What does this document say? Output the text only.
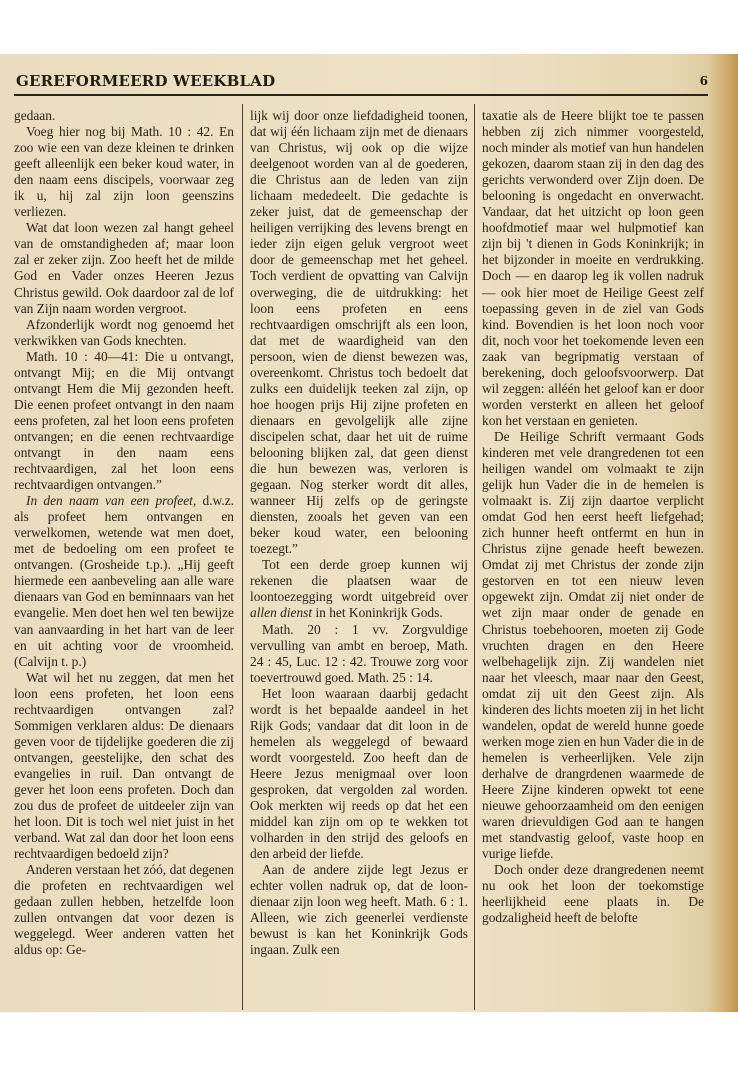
GEREFORMEERD WEEKBLAD	6

gedaan.

Voeg hier nog bij Math. 10 : 42. En zoo wie een van deze kleinen te drinken geeft alleenlijk een beker koud water, in den naam eens discipels, voorwaar zeg ik u, hij zal zijn loon geenszins verliezen.

Wat dat loon wezen zal hangt geheel van de omstandigheden af; maar loon zal er zeker zijn. Zoo heeft het de milde God en Vader onzes Heeren Jezus Christus gewild. Ook daardoor zal de lof van Zijn naam worden vergroot.

Afzonderlijk wordt nog genoemd het verkwikken van Gods knechten.

Math. 10 : 40—41: Die u ontvangt, ontvangt Mij; en die Mij ontvangt ontvangt Hem die Mij gezonden heeft. Die eenen profeet ontvangt in den naam eens profeten, zal het loon eens profeten ontvangen; en die eenen rechtvaardige ontvangt in den naam eens rechtvaardigen, zal het loon eens rechtvaardigen ontvangen.”

In den naam van een profeet, d.w.z. als profeet hem ontvangen en verwelkomen, wetende wat men doet, met de bedoeling om een profeet te ontvangen. (Grosheide t.p.). „Hij geeft hiermede een aanbeveling aan alle ware dienaars van God en beminnaars van het evangelie. Men doet hen wel ten bewijze van aanvaarding in het hart van de leer en uit achting voor de vroomheid. (Calvijn t. p.)

Wat wil het nu zeggen, dat men het loon eens profeten, het loon eens rechtvaardigen ontvangen zal? Sommigen verklaren aldus: De dienaars geven voor de tijdelijke goederen die zij ontvangen, geestelijke, den schat des evangelies in ruil. Dan ontvangt de gever het loon eens profeten. Doch dan zou dus de profeet de uitdeeler zijn van het loon. Dit is toch wel niet juist in het verband. Wat zal dan door het loon eens rechtvaardigen bedoeld zijn?

Anderen verstaan het zóó, dat degenen die profeten en rechtvaardigen wel gedaan zullen hebben, hetzelfde loon zullen ontvangen dat voor dezen is weggelegd. Weer anderen vatten het aldus op: Ge-

lijk wij door onze liefdadigheid toonen, dat wij één lichaam zijn met de dienaars van Christus, wij ook op die wijze deelgenoot worden van al de goederen, die Christus aan de leden van zijn lichaam mededeelt. Die gedachte is zeker juist, dat de gemeenschap der heiligen verrijking des levens brengt en ieder zijn eigen geluk vergroot weet door de gemeenschap met het geheel. Toch verdient de opvatting van Calvijn overweging, die de uitdrukking: het loon eens profeten en eens rechtvaardigen omschrijft als een loon, dat met de waardigheid van den persoon, wien de dienst bewezen was, overeenkomt. Christus toch bedoelt dat zulks een duidelijk teeken zal zijn, op hoe hoogen prijs Hij zijne profeten en dienaars en gevolgelijk alle zijne discipelen schat, daar het uit de ruime belooning blijken zal, dat geen dienst die hun bewezen was, verloren is gegaan. Nog sterker wordt dit alles, wanneer Hij zelfs op de geringste diensten, zooals het geven van een beker koud water, een belooning toezegt.”

Tot een derde groep kunnen wij rekenen die plaatsen waar de loontoezegging wordt uitgebreid over allen dienst in het Koninkrijk Gods.

Math. 20 : 1 vv. Zorgvuldige vervulling van ambt en beroep, Math. 24 : 45, Luc. 12 : 42. Trouwe zorg voor toevertrouwd goed. Math. 25 : 14.

Het loon waaraan daarbij gedacht wordt is het bepaalde aandeel in het Rijk Gods; vandaar dat dit loon in de hemelen als weggelegd of bewaard wordt voorgesteld. Zoo heeft dan de Heere Jezus menigmaal over loon gesproken, dat vergolden zal worden. Ook merkten wij reeds op dat het een middel kan zijn om op te wekken tot volharden in den strijd des geloofs en den arbeid der liefde.

Aan de andere zijde legt Jezus er echter vollen nadruk op, dat de loon-dienaar zijn loon weg heeft. Math. 6 : 1. Alleen, wie zich geenerlei verdienste bewust is kan het Koninkrijk Gods ingaan. Zulk een

taxatie als de Heere blijkt toe te passen hebben zij zich nimmer voorgesteld, noch minder als motief van hun handelen gekozen, daarom staan zij in den dag des gerichts verwonderd over Zijn doen. De belooning is ongedacht en onverwacht. Vandaar, dat het uitzicht op loon geen hoofdmotief maar wel hulpmotief kan zijn bij 't dienen in Gods Koninkrijk; in het bijzonder in moeite en verdrukking. Doch — en daarop leg ik vollen nadruk — ook hier moet de Heilige Geest zelf toepassing geven in de ziel van Gods kind. Bovendien is het loon noch voor dit, noch voor het toekomende leven een zaak van begripmatig verstaan of berekening, doch geloofsvoorwerp. Dat wil zeggen: alléén het geloof kan er door worden versterkt en alleen het geloof kon het verstaan en genieten.

De Heilige Schrift vermaant Gods kinderen met vele drangredenen tot een heiligen wandel om volmaakt te zijn gelijk hun Vader die in de hemelen is volmaakt is. Zij zijn daartoe verplicht omdat God hen eerst heeft liefgehad; zich hunner heeft ontfermt en hun in Christus zijne genade heeft bewezen. Omdat zij met Christus der zonde zijn gestorven en tot een nieuw leven opgewekt zijn. Omdat zij niet onder de wet zijn maar onder de genade en Christus toebehooren, moeten zij Gode vruchten dragen en den Heere welbehagelijk zijn. Zij wandelen niet naar het vleesch, maar naar den Geest, omdat zij uit den Geest zijn. Als kinderen des lichts moeten zij in het licht wandelen, opdat de wereld hunne goede werken moge zien en hun Vader die in de hemelen is verheerlijken. Vele zijn derhalve de drangrdenen waarmede de Heere Zijne kinderen opwekt tot eene nieuwe gehoorzaamheid om den eenigen waren drievuldigen God aan te hangen met standvastig geloof, vaste hoop en vurige liefde.

Doch onder deze drangredenen neemt nu ook het loon der toekomstige heerlijkheid eene plaats in. De godzaligheid heeft de belofte
